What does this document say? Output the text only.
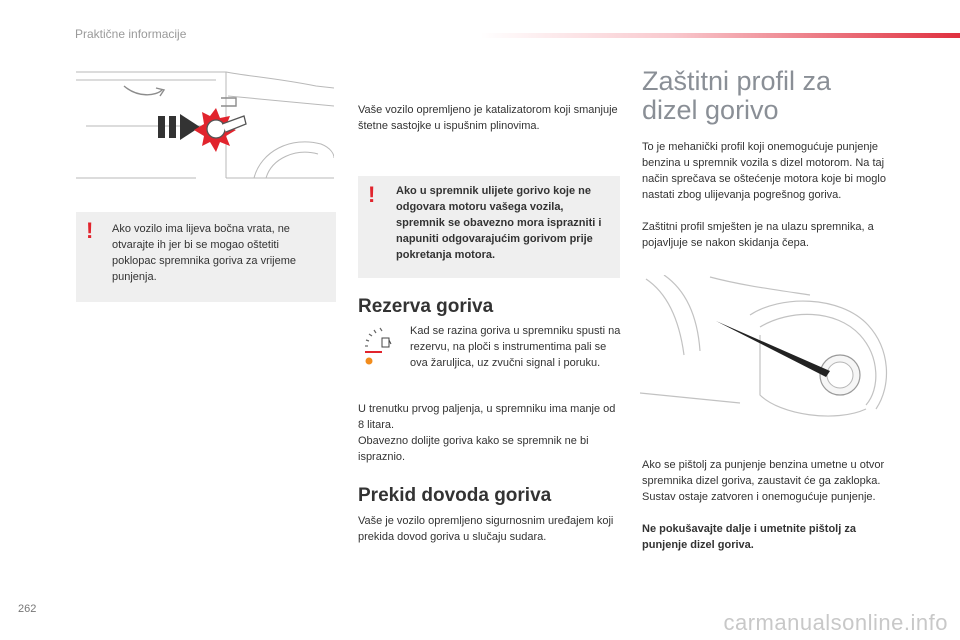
Praktične informacije
! Ako vozilo ima lijeva bočna vrata, ne otvarajte ih jer bi se mogao oštetiti poklopac spremnika goriva za vrijeme punjenja.

Vaše vozilo opremljeno je katalizatorom koji smanjuje štetne sastojke u ispušnim plinovima.

! Ako u spremnik ulijete gorivo koje ne odgovara motoru vašega vozila, spremnik se obavezno mora isprazniti i napuniti odgovarajućim gorivom prije pokretanja motora.

Rezerva goriva

Kad se razina goriva u spremniku spusti na rezervu, na ploči s instrumentima pali se ova žaruljica, uz zvučni signal i poruku.

U trenutku prvog paljenja, u spremniku ima manje od 8 litara.

Obavezno dolijte goriva kako se spremnik ne bi ispraznio.

Prekid dovoda goriva

Vaše je vozilo opremljeno sigurnosnim uređajem koji prekida dovod goriva u slučaju sudara.

Zaštitni profil za
dizel gorivo

To je mehanički profil koji onemogućuje punjenje benzina u spremnik vozila s dizel motorom. Na taj način sprečava se oštećenje motora koje bi moglo nastati zbog ulijevanja pogrešnog goriva.

Zaštitni profil smješten je na ulazu spremnika, a pojavljuje se nakon skidanja čepa.

Ako se pištolj za punjenje benzina umetne u otvor spremnika dizel goriva, zaustavit će ga zaklopka. Sustav ostaje zatvoren i onemogućuje punjenje.

Ne pokušavajte dalje i umetnite pištolj za punjenje dizel goriva.

262
carmanualsonline.info
